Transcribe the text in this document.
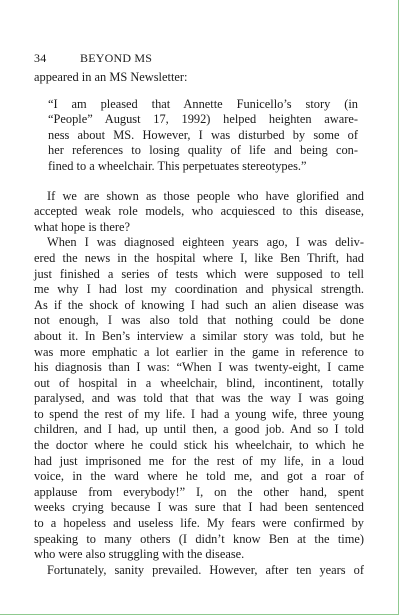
34	BEYOND MS
appeared in an MS Newsletter:
“I am pleased that Annette Funicello’s story (in
“People” August 17, 1992) helped heighten aware-
ness about MS. However, I was disturbed by some of
her references to losing quality of life and being con-
fined to a wheelchair. This perpetuates stereotypes.”
If we are shown as those people who have glorified and
accepted weak role models, who acquiesced to this disease,
what hope is there?
When I was diagnosed eighteen years ago, I was deliv-
ered the news in the hospital where I, like Ben Thrift, had
just finished a series of tests which were supposed to tell
me why I had lost my coordination and physical strength.
As if the shock of knowing I had such an alien disease was
not enough, I was also told that nothing could be done
about it. In Ben’s interview a similar story was told, but he
was more emphatic a lot earlier in the game in reference to
his diagnosis than I was: “When I was twenty-eight, I came
out of hospital in a wheelchair, blind, incontinent, totally
paralysed, and was told that that was the way I was going
to spend the rest of my life. I had a young wife, three young
children, and I had, up until then, a good job. And so I told
the doctor where he could stick his wheelchair, to which he
had just imprisoned me for the rest of my life, in a loud
voice, in the ward where he told me, and got a roar of
applause from everybody!” I, on the other hand, spent
weeks crying because I was sure that I had been sentenced
to a hopeless and useless life. My fears were confirmed by
speaking to many others (I didn’t know Ben at the time)
who were also struggling with the disease.
Fortunately, sanity prevailed. However, after ten years of
